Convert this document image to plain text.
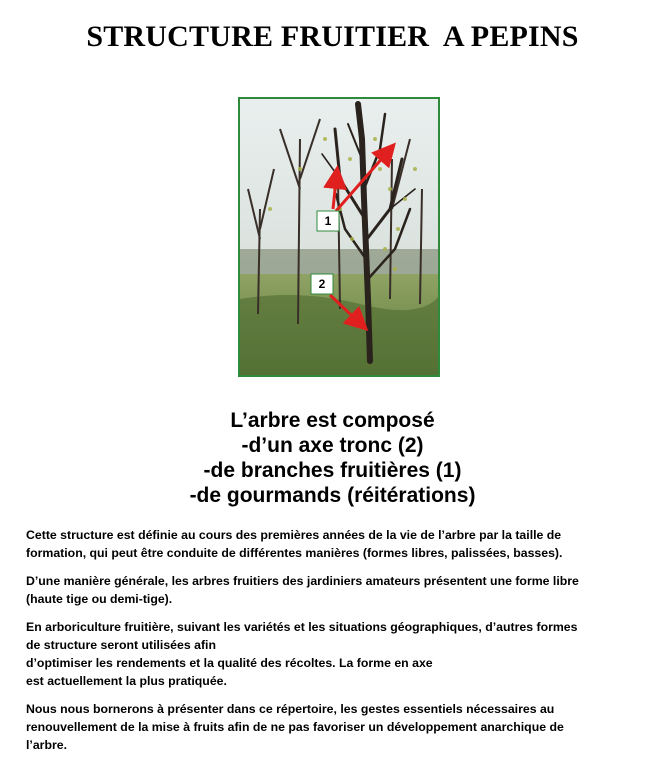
STRUCTURE FRUITIER  A PEPINS
1
2
L’arbre est composé
-d’un axe tronc (2)
-de branches fruitières (1)
-de gourmands (réitérations)
Cette structure est définie au cours des premières années de la vie de l’arbre par la taille de
formation, qui peut être conduite de différentes manières (formes libres, palissées, basses).
D’une manière générale, les arbres fruitiers des jardiniers amateurs présentent une forme libre
(haute tige ou demi-tige).
En arboriculture fruitière, suivant les variétés et les situations géographiques, d’autres formes
de structure seront utilisées afin
d’optimiser les rendements et la qualité des récoltes. La forme en axe
est actuellement la plus pratiquée.
Nous nous bornerons à présenter dans ce répertoire, les gestes essentiels nécessaires au
renouvellement de la mise à fruits afin de ne pas favoriser un développement anarchique de
l’arbre.
